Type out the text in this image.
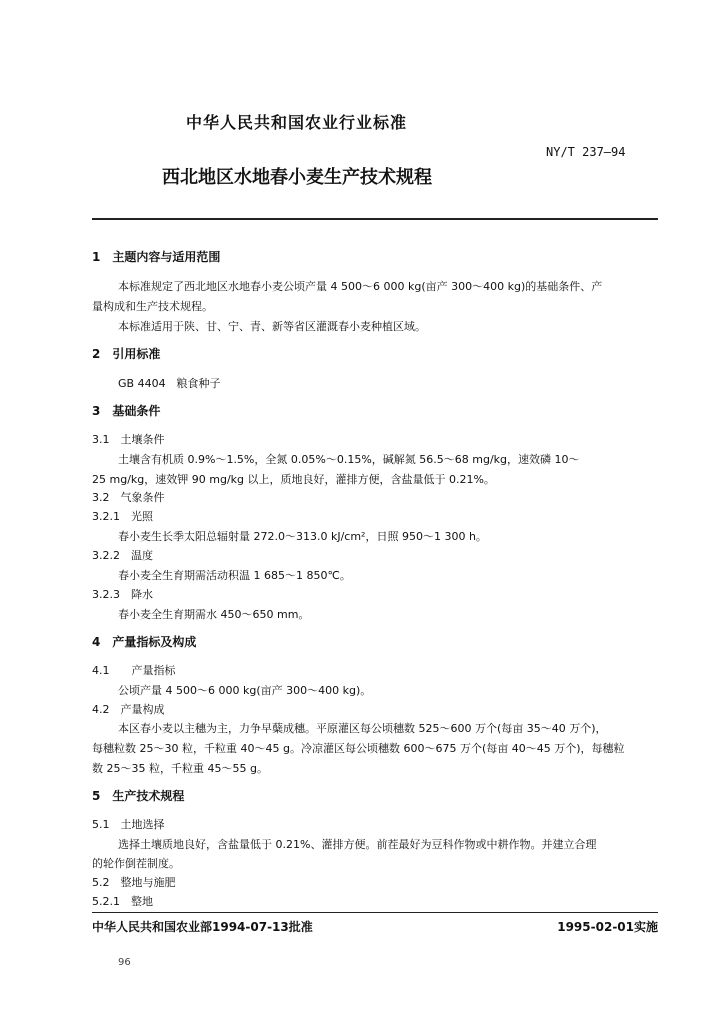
中华人民共和国农业行业标准
NY/T 237—94
西北地区水地春小麦生产技术规程
1　主题内容与适用范围
本标准规定了西北地区水地春小麦公顷产量 4 500～6 000 kg(亩产 300～400 kg)的基础条件、产
量构成和生产技术规程。
本标准适用于陕、甘、宁、青、新等省区灌溉春小麦种植区域。
2　引用标准
GB 4404　粮食种子
3　基础条件
3.1　土壤条件
土壤含有机质 0.9%～1.5%，全氮 0.05%～0.15%，碱解氮 56.5～68 mg/kg，速效磷 10～
25 mg/kg，速效钾 90 mg/kg 以上，质地良好，灌排方便，含盐量低于 0.21%。
3.2　气象条件
3.2.1　光照
春小麦生长季太阳总辐射量 272.0～313.0 kJ/cm²，日照 950～1 300 h。
3.2.2　温度
春小麦全生育期需活动积温 1 685～1 850℃。
3.2.3　降水
春小麦全生育期需水 450～650 mm。
4　产量指标及构成
4.1　　产量指标
公顷产量 4 500～6 000 kg(亩产 300～400 kg)。
4.2　产量构成
本区春小麦以主穗为主，力争早蘖成穗。平原灌区每公顷穗数 525～600 万个(每亩 35～40 万个)，
每穗粒数 25～30 粒，千粒重 40～45 g。冷凉灌区每公顷穗数 600～675 万个(每亩 40～45 万个)，每穗粒
数 25～35 粒，千粒重 45～55 g。
5　生产技术规程
5.1　土地选择
选择土壤质地良好，含盐量低于 0.21%、灌排方便。前茬最好为豆科作物或中耕作物。并建立合理
的轮作倒茬制度。
5.2　整地与施肥
5.2.1　整地
中华人民共和国农业部1994-07-13批准	1995-02-01实施
96
